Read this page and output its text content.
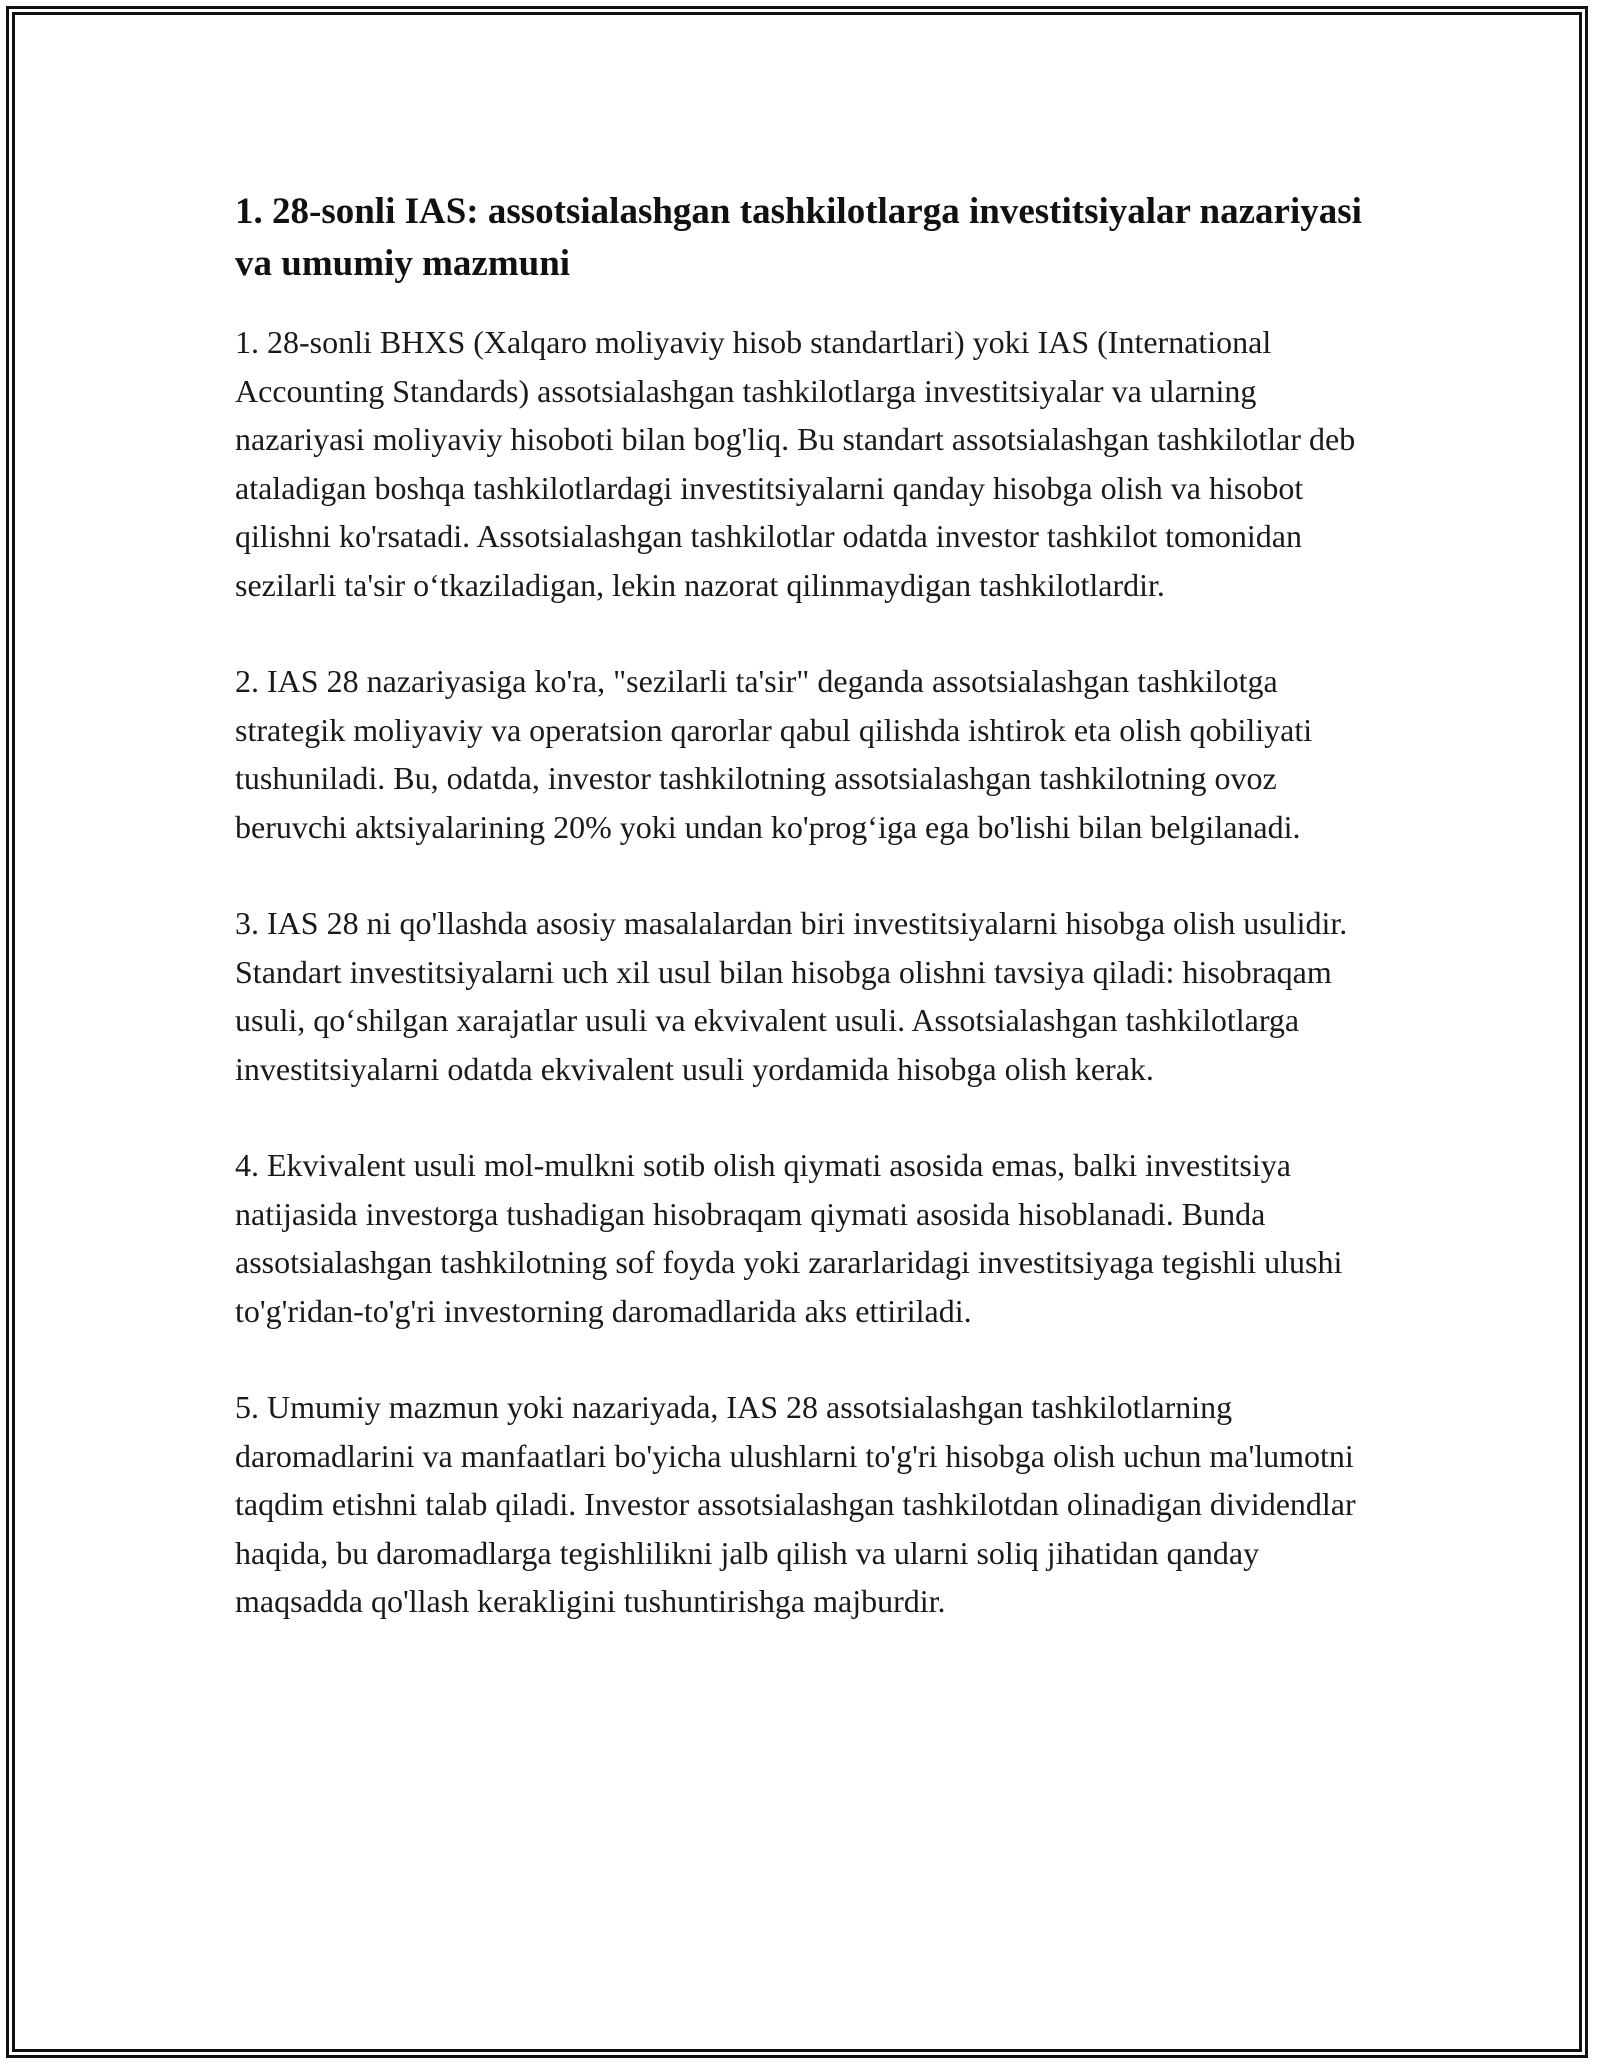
1. 28-sonli IAS: assotsialashgan tashkilotlarga investitsiyalar nazariyasi va umumiy mazmuni

1. 28-sonli BHXS (Xalqaro moliyaviy hisob standartlari) yoki IAS (International Accounting Standards) assotsialashgan tashkilotlarga investitsiyalar va ularning nazariyasi moliyaviy hisoboti bilan bog'liq. Bu standart assotsialashgan tashkilotlar deb ataladigan boshqa tashkilotlardagi investitsiyalarni qanday hisobga olish va hisobot qilishni ko'rsatadi. Assotsialashgan tashkilotlar odatda investor tashkilot tomonidan sezilarli ta'sir oʻtkaziladigan, lekin nazorat qilinmaydigan tashkilotlardir.

2. IAS 28 nazariyasiga ko'ra, "sezilarli ta'sir" deganda assotsialashgan tashkilotga strategik moliyaviy va operatsion qarorlar qabul qilishda ishtirok eta olish qobiliyati tushuniladi. Bu, odatda, investor tashkilotning assotsialashgan tashkilotning ovoz beruvchi aktsiyalarining 20% yoki undan ko'progʻiga ega bo'lishi bilan belgilanadi.

3. IAS 28 ni qo'llashda asosiy masalalardan biri investitsiyalarni hisobga olish usulidir. Standart investitsiyalarni uch xil usul bilan hisobga olishni tavsiya qiladi: hisobraqam usuli, qoʻshilgan xarajatlar usuli va ekvivalent usuli. Assotsialashgan tashkilotlarga investitsiyalarni odatda ekvivalent usuli yordamida hisobga olish kerak.

4. Ekvivalent usuli mol-mulkni sotib olish qiymati asosida emas, balki investitsiya natijasida investorga tushadigan hisobraqam qiymati asosida hisoblanadi. Bunda assotsialashgan tashkilotning sof foyda yoki zararlaridagi investitsiyaga tegishli ulushi to'g'ridan-to'g'ri investorning daromadlarida aks ettiriladi.

5. Umumiy mazmun yoki nazariyada, IAS 28 assotsialashgan tashkilotlarning daromadlarini va manfaatlari bo'yicha ulushlarni to'g'ri hisobga olish uchun ma'lumotni taqdim etishni talab qiladi. Investor assotsialashgan tashkilotdan olinadigan dividendlar haqida, bu daromadlarga tegishlilikni jalb qilish va ularni soliq jihatidan qanday maqsadda qo'llash kerakligini tushuntirishga majburdir.
